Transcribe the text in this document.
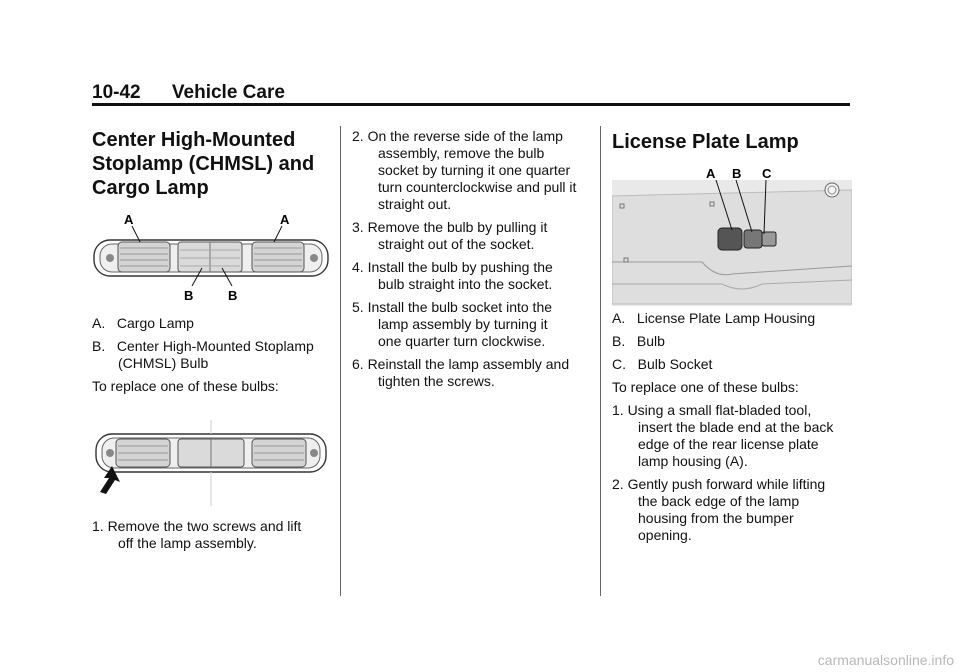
10-42 Vehicle Care
Center High-Mounted
Stoplamp (CHMSL) and
Cargo Lamp
A	A
B	B
A. Cargo Lamp
B. Center High-Mounted Stoplamp
(CHMSL) Bulb
To replace one of these bulbs:
1. Remove the two screws and lift
off the lamp assembly.
2. On the reverse side of the lamp
assembly, remove the bulb
socket by turning it one quarter
turn counterclockwise and pull it
straight out.
3. Remove the bulb by pulling it
straight out of the socket.
4. Install the bulb by pushing the
bulb straight into the socket.
5. Install the bulb socket into the
lamp assembly by turning it
one quarter turn clockwise.
6. Reinstall the lamp assembly and
tighten the screws.
License Plate Lamp
A B C
A. License Plate Lamp Housing
B. Bulb
C. Bulb Socket
To replace one of these bulbs:
1. Using a small flat-bladed tool,
insert the blade end at the back
edge of the rear license plate
lamp housing (A).
2. Gently push forward while lifting
the back edge of the lamp
housing from the bumper
opening.
carmanualsonline.info
